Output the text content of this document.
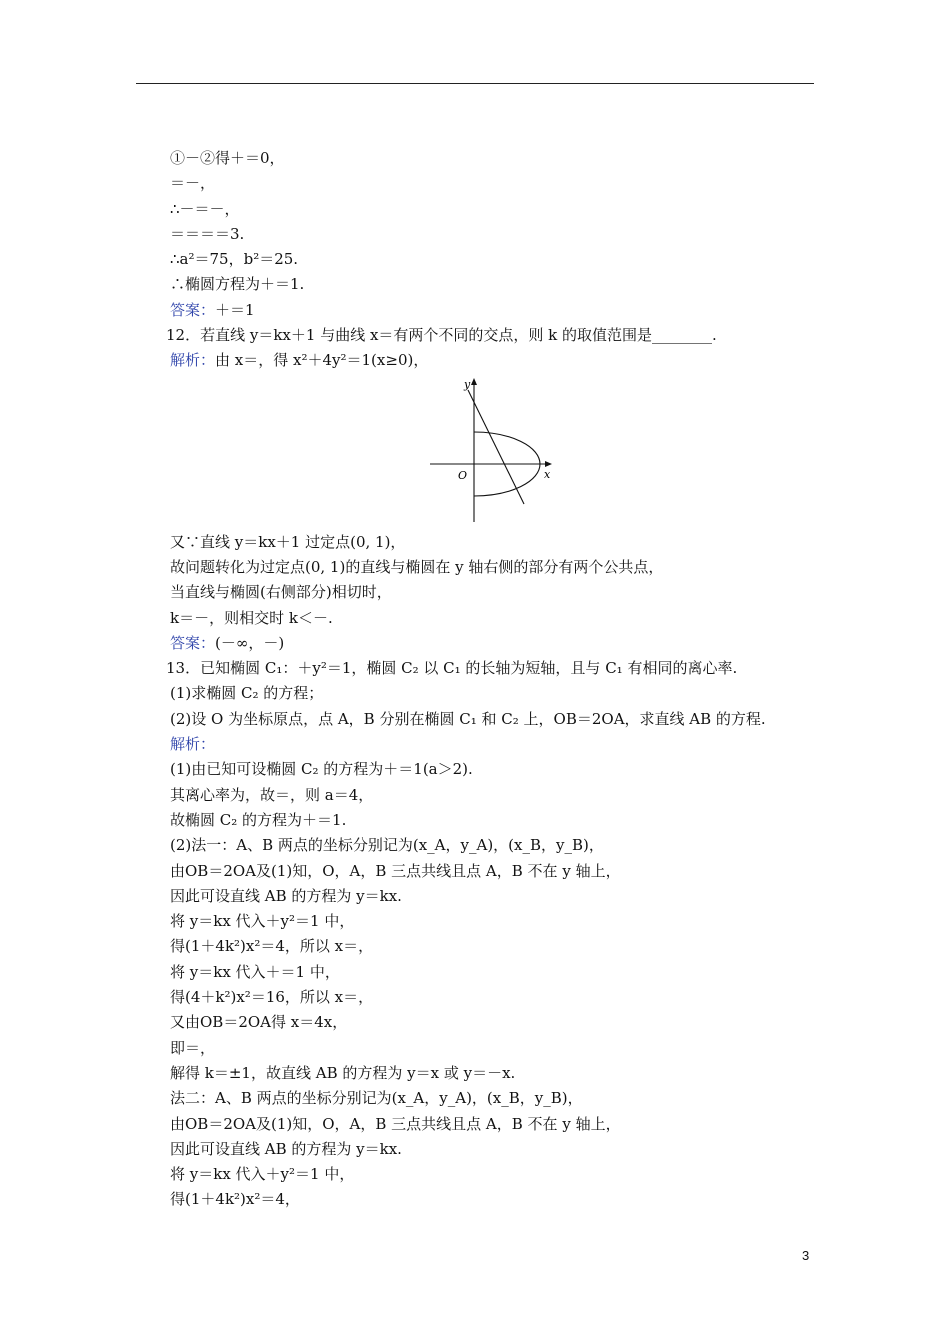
①－②得＋＝0，
＝－，
∴－＝－，
＝＝＝＝3.
∴a²＝75，b²＝25.
∴椭圆方程为＋＝1.
答案：＋＝1
12．若直线 y＝kx＋1 与曲线 x＝有两个不同的交点，则 k 的取值范围是________.
解析：由 x＝，得 x²＋4y²＝1(x≥0)，
y
x
O
又∵直线 y＝kx＋1 过定点(0, 1)，
故问题转化为过定点(0, 1)的直线与椭圆在 y 轴右侧的部分有两个公共点，
当直线与椭圆(右侧部分)相切时，
k＝－，则相交时 k＜－.
答案：(－∞，－)
13．已知椭圆 C₁：＋y²＝1，椭圆 C₂ 以 C₁ 的长轴为短轴，且与 C₁ 有相同的离心率.
(1)求椭圆 C₂ 的方程；
(2)设 O 为坐标原点，点 A，B 分别在椭圆 C₁ 和 C₂ 上，OB＝2OA，求直线 AB 的方程.
解析：
(1)由已知可设椭圆 C₂ 的方程为＋＝1(a＞2).
其离心率为，故＝，则 a＝4，
故椭圆 C₂ 的方程为＋＝1.
(2)法一：A、B 两点的坐标分别记为(x_A，y_A)，(x_B，y_B)，
由OB＝2OA及(1)知，O，A，B 三点共线且点 A，B 不在 y 轴上，
因此可设直线 AB 的方程为 y＝kx.
将 y＝kx 代入＋y²＝1 中，
得(1＋4k²)x²＝4，所以 x＝，
将 y＝kx 代入＋＝1 中，
得(4＋k²)x²＝16，所以 x＝，
又由OB＝2OA得 x＝4x，
即＝，
解得 k＝±1，故直线 AB 的方程为 y＝x 或 y＝－x.
法二：A、B 两点的坐标分别记为(x_A，y_A)，(x_B，y_B)，
由OB＝2OA及(1)知，O，A，B 三点共线且点 A，B 不在 y 轴上，
因此可设直线 AB 的方程为 y＝kx.
将 y＝kx 代入＋y²＝1 中，
得(1＋4k²)x²＝4，
3
